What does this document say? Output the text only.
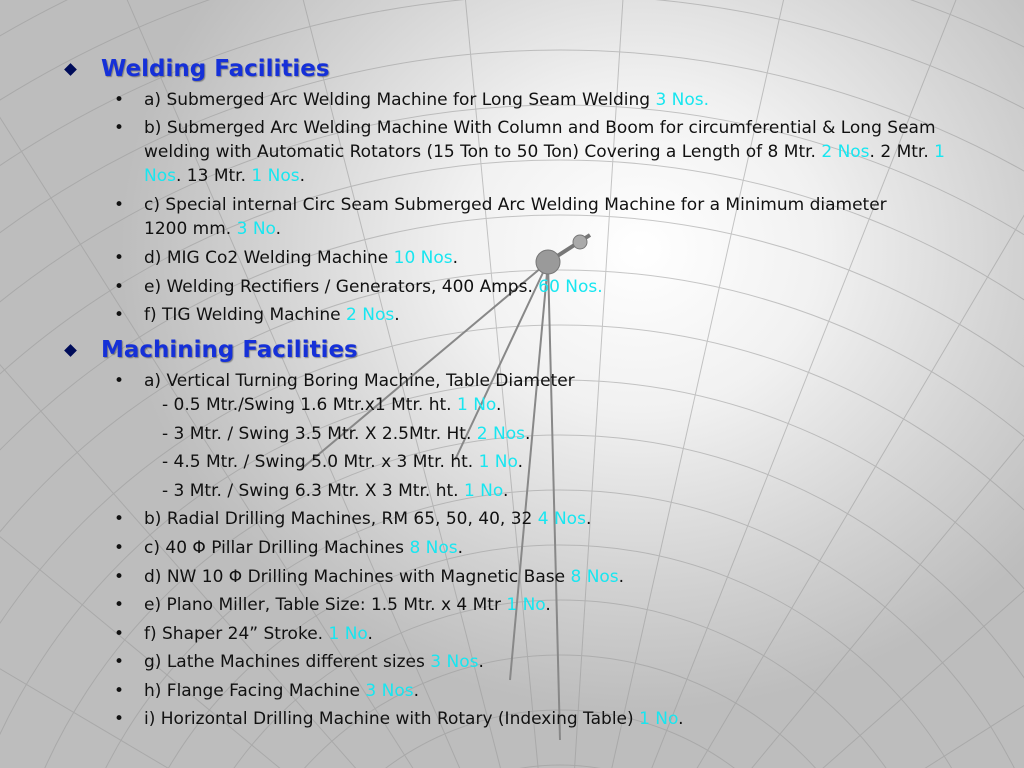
Welding Facilities
•	a) Submerged Arc Welding Machine for Long Seam Welding 3 Nos.
•	b) Submerged Arc Welding Machine With Column and Boom for circumferential & Long Seam welding with Automatic Rotators (15 Ton to 50 Ton) Covering a Length of 8 Mtr. 2 Nos. 2 Mtr. 1 Nos. 13 Mtr. 1 Nos.
•	c) Special internal Circ Seam Submerged Arc Welding Machine for a Minimum diameter 1200 mm. 3 No.
•	d) MIG Co2 Welding Machine 10 Nos.
•	e) Welding Rectifiers / Generators, 400 Amps. 60 Nos.
•	f) TIG Welding Machine 2 Nos.
Machining Facilities
•	a) Vertical Turning Boring Machine, Table Diameter
- 0.5 Mtr./Swing 1.6 Mtr.x1 Mtr. ht. 1 No.
- 3 Mtr. / Swing 3.5 Mtr. X 2.5Mtr. Ht. 2 Nos.
- 4.5 Mtr. / Swing 5.0 Mtr. x 3 Mtr. ht. 1 No.
- 3 Mtr. / Swing 6.3 Mtr. X 3 Mtr. ht. 1 No.
•	b) Radial Drilling Machines, RM 65, 50, 40, 32 4 Nos.
•	c) 40 Φ Pillar Drilling Machines 8 Nos.
•	d) NW 10 Φ Drilling Machines with Magnetic Base 8 Nos.
•	e) Plano Miller, Table Size: 1.5 Mtr. x 4 Mtr 1 No.
•	f) Shaper 24” Stroke. 1 No.
•	g) Lathe Machines different sizes 3 Nos.
•	h) Flange Facing Machine 3 Nos.
•	i) Horizontal Drilling Machine with Rotary (Indexing Table) 1 No.
